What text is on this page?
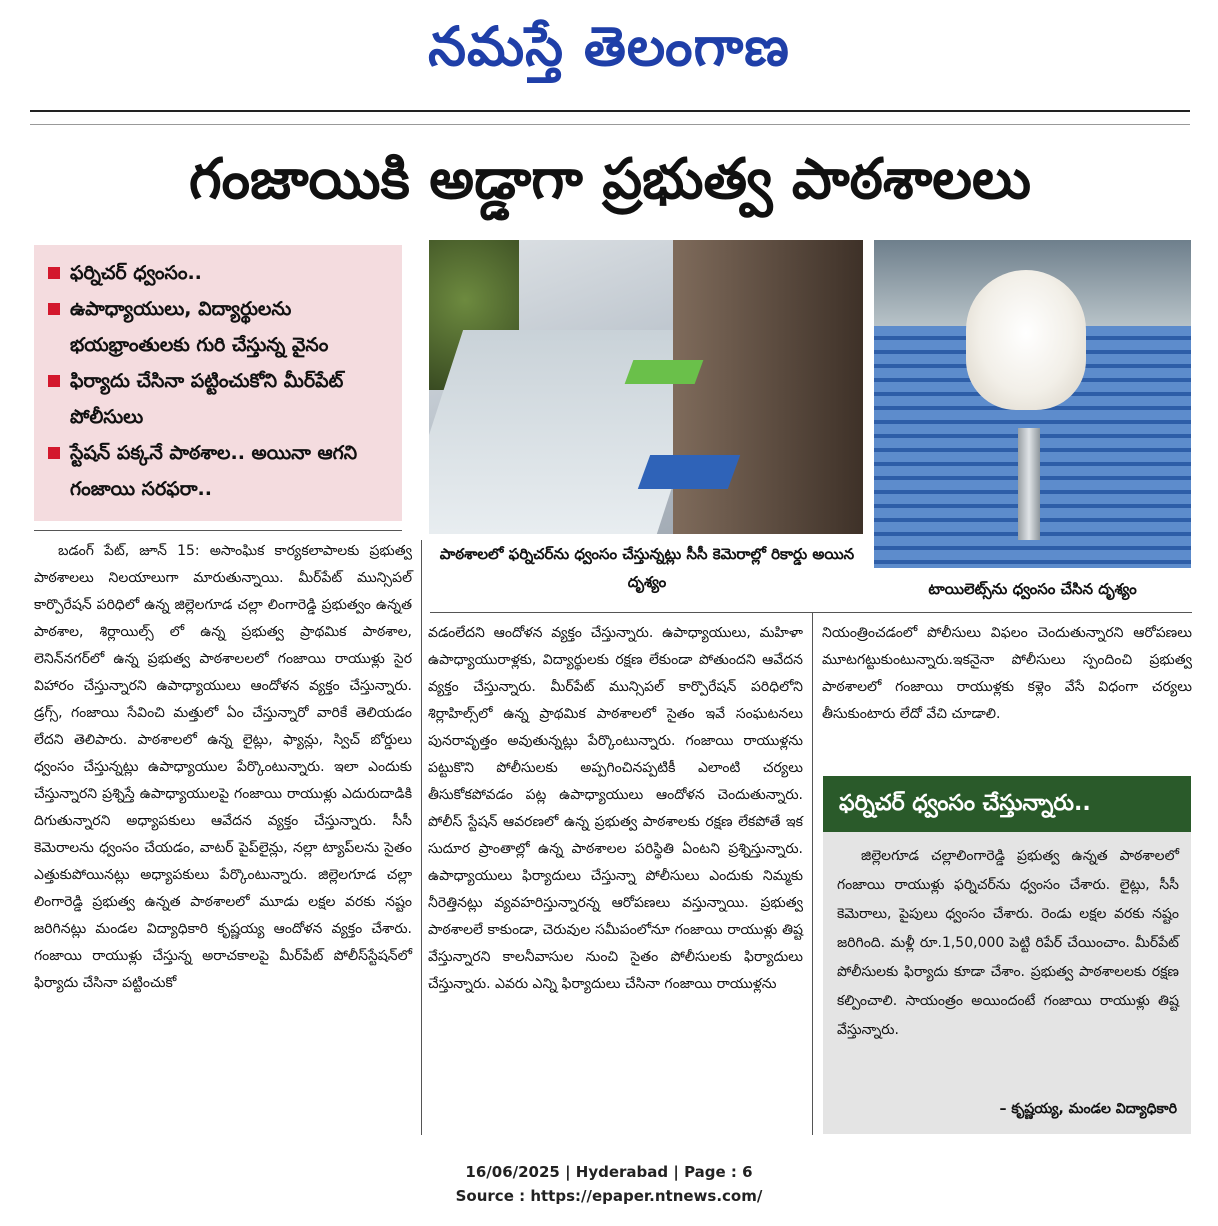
నమస్తే తెలంగాణ
గంజాయికి అడ్డాగా ప్రభుత్వ పాఠశాలలు
ఫర్నిచర్ ధ్వంసం..
ఉపాధ్యాయులు, విద్యార్థులను భయభ్రాంతులకు గురి చేస్తున్న వైనం
ఫిర్యాదు చేసినా పట్టించుకోని మీర్‌పేట్ పోలీసులు
స్టేషన్ పక్కనే పాఠశాల.. అయినా ఆగని గంజాయి సరఫరా..
పాఠశాలలో ఫర్నిచర్‌ను ధ్వంసం చేస్తున్నట్లు సీసీ కెమెరాల్లో రికార్డు అయిన దృశ్యం	టాయిలెట్స్‌ను ధ్వంసం చేసిన దృశ్యం

బడంగ్ పేట్, జూన్ 15: అసాంఘిక కార్యకలాపాలకు ప్రభుత్వ పాఠశాలలు నిలయాలుగా మారుతున్నాయి. మీర్‌పేట్ మున్సిపల్ కార్పొరేషన్ పరిధిలో ఉన్న జిల్లెలగూడ చల్లా లింగారెడ్డి ప్రభుత్వం ఉన్నత పాఠశాల, శిర్లాయిల్స్ లో ఉన్న ప్రభుత్వ ప్రాథమిక పాఠశాల, లెనిన్‌నగర్‌లో ఉన్న ప్రభుత్వ పాఠశాలలలో గంజాయి రాయుళ్లు సైర విహారం చేస్తున్నారని ఉపాధ్యాయులు ఆందోళన వ్యక్తం చేస్తున్నారు. డ్రగ్స్, గంజాయి సేవించి మత్తులో ఏం చేస్తున్నారో వారికే తెలియడం లేదని తెలిపారు. పాఠశాలలో ఉన్న లైట్లు, ఫ్యాన్లు, స్విచ్ బోర్డులు ధ్వంసం చేస్తున్నట్లు ఉపాధ్యాయుల పేర్కొంటున్నారు. ఇలా ఎందుకు చేస్తున్నారని ప్రశ్నిస్తే ఉపాధ్యాయులపై గంజాయి రాయుళ్లు ఎదురుదాడికి దిగుతున్నారని అధ్యాపకులు ఆవేదన వ్యక్తం చేస్తున్నారు. సీసీ కెమెరాలను ధ్వంసం చేయడం, వాటర్ పైప్‌లైన్లు, నల్లా ట్యాప్‌లను సైతం ఎత్తుకుపోయినట్లు అధ్యాపకులు పేర్కొంటున్నారు. జిల్లెలగూడ చల్లా లింగారెడ్డి ప్రభుత్వ ఉన్నత పాఠశాలలో మూడు లక్షల వరకు నష్టం జరిగినట్లు మండల విద్యాధికారి కృష్ణయ్య ఆందోళన వ్యక్తం చేశారు. గంజాయి రాయుళ్లు చేస్తున్న అరాచకాలపై మీర్‌పేట్ పోలీస్‌స్టేషన్‌లో ఫిర్యాదు చేసినా పట్టించుకో

వడంలేదని ఆందోళన వ్యక్తం చేస్తున్నారు. ఉపాధ్యాయులు, మహిళా ఉపాధ్యాయురాళ్లకు, విద్యార్థులకు రక్షణ లేకుండా పోతుందని ఆవేదన వ్యక్తం చేస్తున్నారు. మీర్‌పేట్ మున్సిపల్ కార్పొరేషన్ పరిధిలోని శిర్లాహిల్స్‌లో ఉన్న ప్రాథమిక పాఠశాలలో సైతం ఇవే సంఘటనలు పునరావృత్తం అవుతున్నట్లు పేర్కొంటున్నారు. గంజాయి రాయుళ్లను పట్టుకొని పోలీసులకు అప్పగించినప్పటికీ ఎలాంటి చర్యలు తీసుకోకపోవడం పట్ల ఉపాధ్యాయులు ఆందోళన చెందుతున్నారు. పోలీస్ స్టేషన్ ఆవరణలో ఉన్న ప్రభుత్వ పాఠశాలకు రక్షణ లేకపోతే ఇక సుదూర ప్రాంతాల్లో ఉన్న పాఠశాలల పరిస్థితి ఏంటని ప్రశ్నిస్తున్నారు. ఉపాధ్యాయులు ఫిర్యాదులు చేస్తున్నా పోలీసులు ఎందుకు నిమ్మకు నీరెత్తినట్లు వ్యవహరిస్తున్నారన్న ఆరోపణలు వస్తున్నాయి. ప్రభుత్వ పాఠశాలలే కాకుండా, చెరువుల సమీపంలోనూ గంజాయి రాయుళ్లు తిష్ట వేస్తున్నారని కాలనీవాసుల నుంచి సైతం పోలీసులకు ఫిర్యాదులు చేస్తున్నారు. ఎవరు ఎన్ని ఫిర్యాదులు చేసినా గంజాయి రాయుళ్లను

నియంత్రించడంలో పోలీసులు విఫలం చెందుతున్నారని ఆరోపణలు మూటగట్టుకుంటున్నారు.ఇకనైనా పోలీసులు స్పందించి ప్రభుత్వ పాఠశాలలో గంజాయి రాయుళ్లకు కళ్లెం వేసే విధంగా చర్యలు తీసుకుంటారు లేదో వేచి చూడాలి.

ఫర్నిచర్ ధ్వంసం చేస్తున్నారు..

జిల్లెలగూడ చల్లాలింగారెడ్డి ప్రభుత్వ ఉన్నత పాఠశాలలో గంజాయి రాయుళ్లు ఫర్నిచర్‌ను ధ్వంసం చేశారు. లైట్లు, సీసీ కెమెరాలు, పైపులు ధ్వంసం చేశారు. రెండు లక్షల వరకు నష్టం జరిగింది. మళ్లీ రూ.1,50,000 పెట్టి రిపేర్ చేయించాం. మీర్‌పేట్ పోలీసులకు ఫిర్యాదు కూడా చేశాం. ప్రభుత్వ పాఠశాలలకు రక్షణ కల్పించాలి. సాయంత్రం అయిందంటే గంజాయి రాయుళ్లు తిష్ట వేస్తున్నారు.

– కృష్ణయ్య, మండల విద్యాధికారి
16/06/2025 | Hyderabad | Page : 6
Source : https://epaper.ntnews.com/
